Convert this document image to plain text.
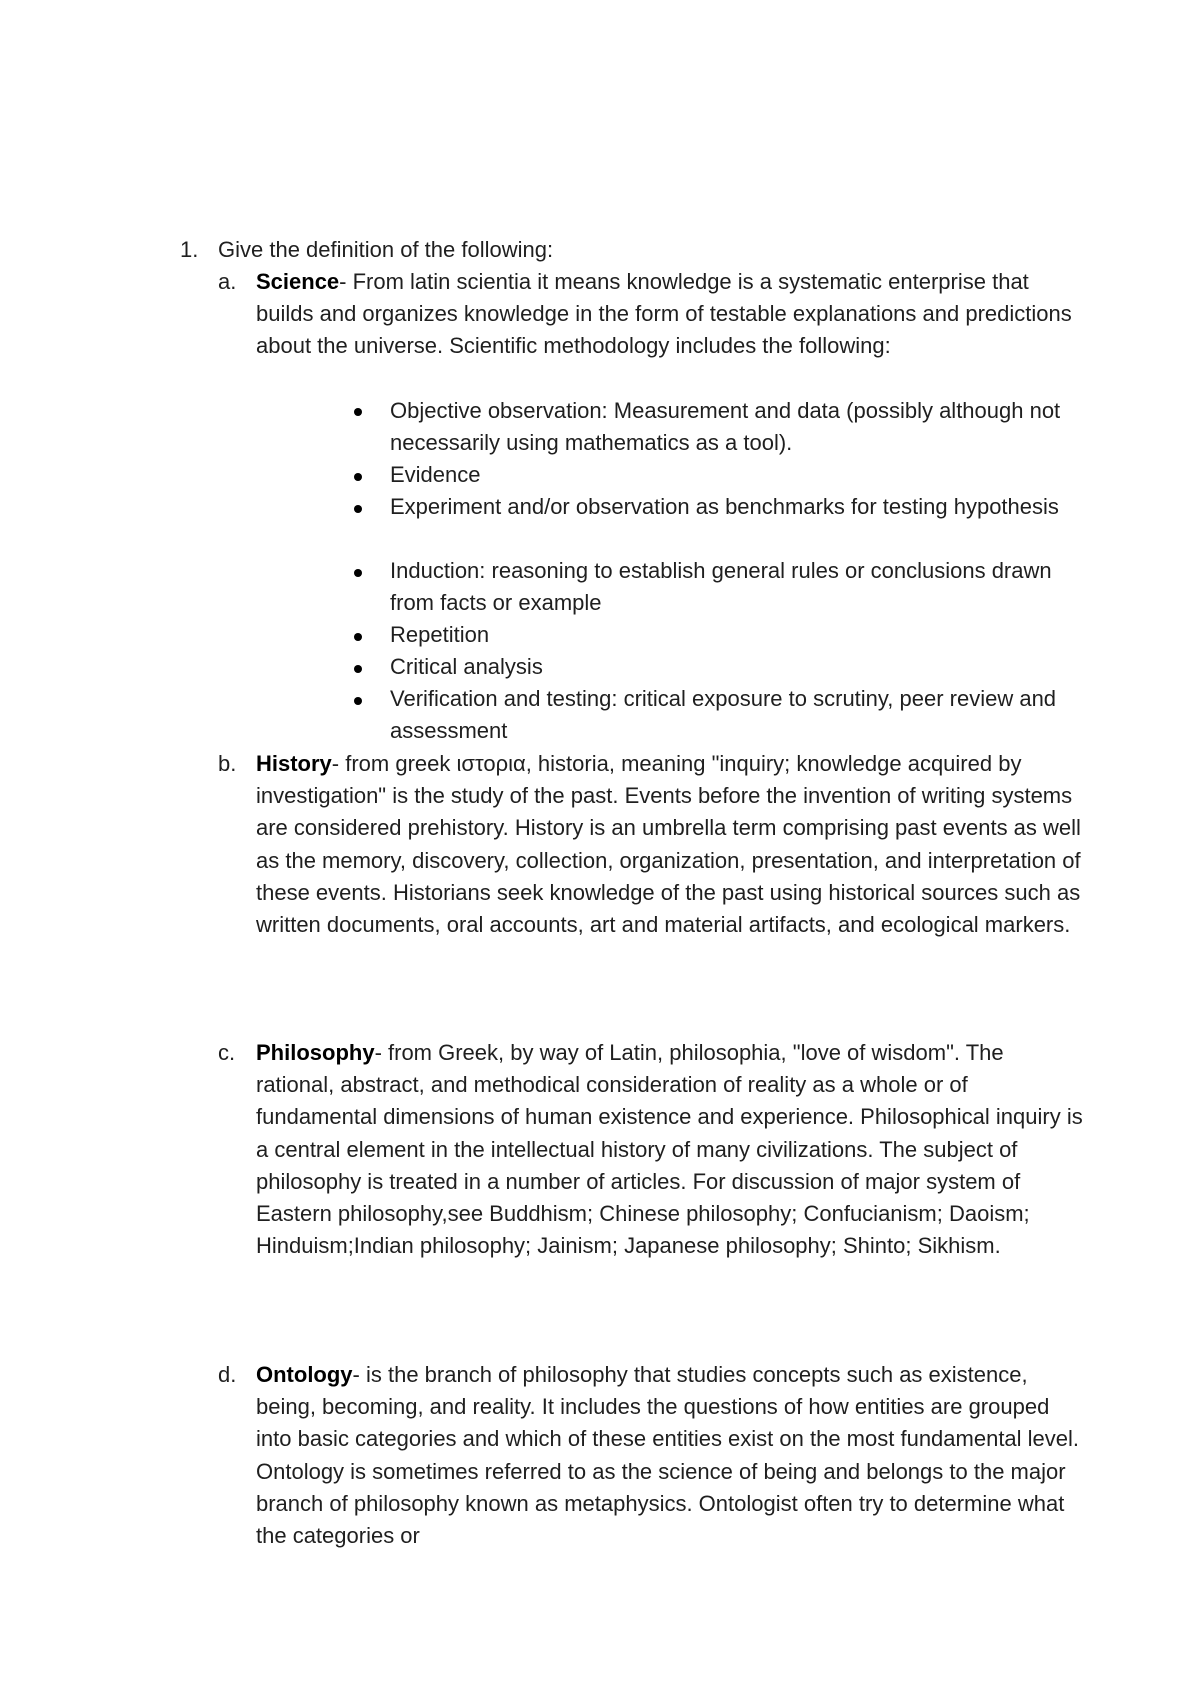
1. Give the definition of the following:
a. Science- From latin scientia it means knowledge is a systematic enterprise that builds and organizes knowledge in the form of testable explanations and predictions about the universe. Scientific methodology includes the following:
Objective observation: Measurement and data (possibly although not necessarily using mathematics as a tool).
Evidence
Experiment and/or observation as benchmarks for testing hypothesis
Induction: reasoning to establish general rules or conclusions drawn from facts or example
Repetition
Critical analysis
Verification and testing: critical exposure to scrutiny, peer review and assessment
b. History- from greek ιστορια, historia, meaning "inquiry; knowledge acquired by investigation" is the study of the past. Events before the invention of writing systems are considered prehistory. History is an umbrella term comprising past events as well as the memory, discovery, collection, organization, presentation, and interpretation of these events. Historians seek knowledge of the past using historical sources such as written documents, oral accounts, art and material artifacts, and ecological markers.
c. Philosophy- from Greek, by way of Latin, philosophia, "love of wisdom". The rational, abstract, and methodical consideration of reality as a whole or of fundamental dimensions of human existence and experience. Philosophical inquiry is a central element in the intellectual history of many civilizations. The subject of philosophy is treated in a number of articles. For discussion of major system of Eastern philosophy,see Buddhism; Chinese philosophy; Confucianism; Daoism; Hinduism;Indian philosophy; Jainism; Japanese philosophy; Shinto; Sikhism.
d. Ontology- is the branch of philosophy that studies concepts such as existence, being, becoming, and reality. It includes the questions of how entities are grouped into basic categories and which of these entities exist on the most fundamental level. Ontology is sometimes referred to as the science of being and belongs to the major branch of philosophy known as metaphysics. Ontologist often try to determine what the categories or
